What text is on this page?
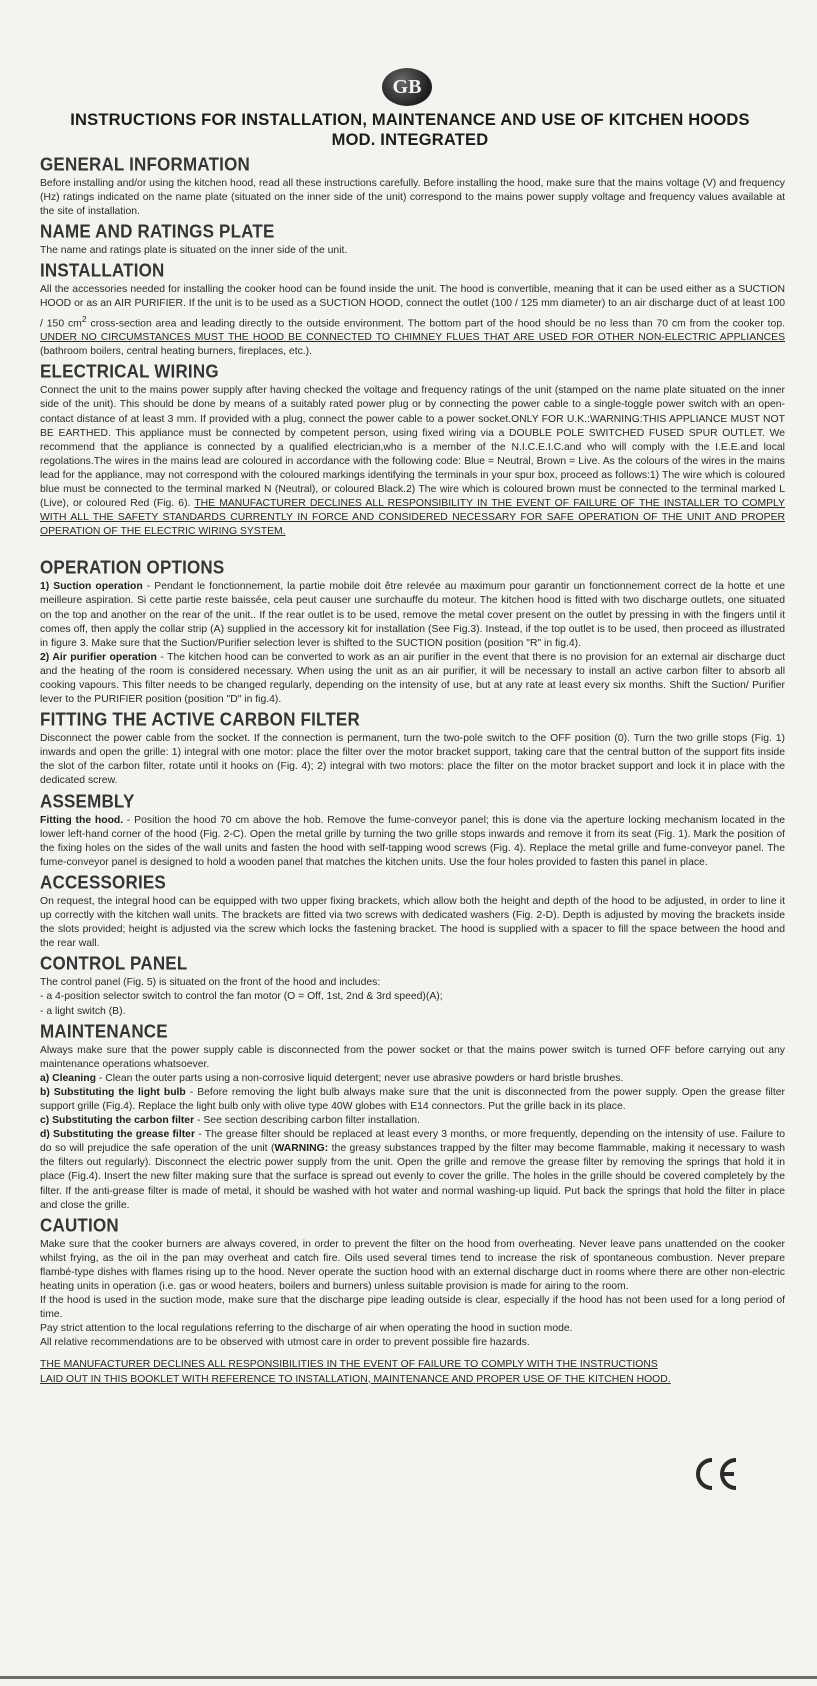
GB
INSTRUCTIONS FOR INSTALLATION, MAINTENANCE AND USE OF KITCHEN HOODS
MOD. INTEGRATED
GENERAL INFORMATION

Before installing and/or using the kitchen hood, read all these instructions carefully. Before installing the hood, make sure that the mains voltage (V) and frequency (Hz) ratings indicated on the name plate (situated on the inner side of the unit) correspond to the mains power supply voltage and frequency values available at the site of installation.

NAME AND RATINGS PLATE

The name and ratings plate is situated on the inner side of the unit.

INSTALLATION

All the accessories needed for installing the cooker hood can be found inside the unit. The hood is convertible, meaning that it can be used either as a SUCTION HOOD or as an AIR PURIFIER. If the unit is to be used as a SUCTION HOOD, connect the outlet (100 / 125 mm diameter) to an air discharge duct of at least 100 / 150 $cm^2$ cross-section area and leading directly to the outside environment. The bottom part of the hood should be no less than 70 cm from the cooker top. UNDER NO CIRCUMSTANCES MUST THE HOOD BE CONNECTED TO CHIMNEY FLUES THAT ARE USED FOR OTHER NON-ELECTRIC APPLIANCES (bathroom boilers, central heating burners, fireplaces, etc.).

ELECTRICAL WIRING

Connect the unit to the mains power supply after having checked the voltage and frequency ratings of the unit (stamped on the name plate situated on the inner side of the unit). This should be done by means of a suitably rated power plug or by connecting the power cable to a single-toggle power switch with an open-contact distance of at least 3 mm. If provided with a plug, connect the power cable to a power socket.ONLY FOR U.K.:WARNING:THIS APPLIANCE MUST NOT BE EARTHED. This appliance must be connected by competent person, using fixed wiring via a DOUBLE POLE SWITCHED FUSED SPUR OUTLET. We recommend that the appliance is connected by a qualified electrician,who is a member of the N.I.C.E.I.C.and who will comply with the I.E.E.and local regolations.The wires in the mains lead are coloured in accordance with the following code: Blue = Neutral, Brown = Live. As the colours of the wires in the mains lead for the appliance, may not correspond with the coloured markings identifying the terminals in your spur box, proceed as follows:1) The wire which is coloured blue must be connected to the terminal marked N (Neutral), or coloured Black.2) The wire which is coloured brown must be connected to the terminal marked L (Live), or coloured Red (Fig. 6). THE MANUFACTURER DECLINES ALL RESPONSIBILITY IN THE EVENT OF FAILURE OF THE INSTALLER TO COMPLY WITH ALL THE SAFETY STANDARDS CURRENTLY IN FORCE AND CONSIDERED NECESSARY FOR SAFE OPERATION OF THE UNIT AND PROPER OPERATION OF THE ELECTRIC WIRING SYSTEM.

OPERATION OPTIONS

1) Suction operation - Pendant le fonctionnement, la partie mobile doit être relevée au maximum pour garantir un fonctionnement correct de la hotte et une meilleure aspiration. Si cette partie reste baissée, cela peut causer une surchauffe du moteur. The kitchen hood is fitted with two discharge outlets, one situated on the top and another on the rear of the unit.. If the rear outlet is to be used, remove the metal cover present on the outlet by pressing in with the fingers until it comes off, then apply the collar strip (A) supplied in the accessory kit for installation (See Fig.3). Instead, if the top outlet is to be used, then proceed as illustrated in figure 3. Make sure that the Suction/Purifier selection lever is shifted to the SUCTION position (position "R" in fig.4).

2) Air purifier operation - The kitchen hood can be converted to work as an air purifier in the event that there is no provision for an external air discharge duct and the heating of the room is considered necessary. When using the unit as an air purifier, it will be necessary to install an active carbon filter to absorb all cooking vapours. This filter needs to be changed regularly, depending on the intensity of use, but at any rate at least every six months. Shift the Suction/ Purifier lever to the PURIFIER position (position "D" in fig.4).

FITTING THE ACTIVE CARBON FILTER

Disconnect the power cable from the socket. If the connection is permanent, turn the two-pole switch to the OFF position (0). Turn the two grille stops (Fig. 1) inwards and open the grille: 1) integral with one motor: place the filter over the motor bracket support, taking care that the central button of the support fits inside the slot of the carbon filter, rotate until it hooks on (Fig. 4); 2) integral with two motors: place the filter on the motor bracket support and lock it in place with the dedicated screw.

ASSEMBLY

Fitting the hood. - Position the hood 70 cm above the hob. Remove the fume-conveyor panel; this is done via the aperture locking mechanism located in the lower left-hand corner of the hood (Fig. 2-C). Open the metal grille by turning the two grille stops inwards and remove it from its seat (Fig. 1). Mark the position of the fixing holes on the sides of the wall units and fasten the hood with self-tapping wood screws (Fig. 4). Replace the metal grille and fume-conveyor panel. The fume-conveyor panel is designed to hold a wooden panel that matches the kitchen units. Use the four holes provided to fasten this panel in place.

ACCESSORIES

On request, the integral hood can be equipped with two upper fixing brackets, which allow both the height and depth of the hood to be adjusted, in order to line it up correctly with the kitchen wall units. The brackets are fitted via two screws with dedicated washers (Fig. 2-D). Depth is adjusted by moving the brackets inside the slots provided; height is adjusted via the screw which locks the fastening bracket. The hood is supplied with a spacer to fill the space between the hood and the rear wall.

CONTROL PANEL

The control panel (Fig. 5) is situated on the front of the hood and includes:

- a 4-position selector switch to control the fan motor (O = Off, 1st, 2nd & 3rd speed)(A);

- a light switch (B).

MAINTENANCE

Always make sure that the power supply cable is disconnected from the power socket or that the mains power switch is turned OFF before carrying out any maintenance operations whatsoever.

a) Cleaning - Clean the outer parts using a non-corrosive liquid detergent; never use abrasive powders or hard bristle brushes.

b) Substituting the light bulb - Before removing the light bulb always make sure that the unit is disconnected from the power supply. Open the grease filter support grille (Fig.4). Replace the light bulb only with olive type 40W globes with E14 connectors. Put the grille back in its place.

c) Substituting the carbon filter - See section describing carbon filter installation.

d) Substituting the grease filter - The grease filter should be replaced at least every 3 months, or more frequently, depending on the intensity of use. Failure to do so will prejudice the safe operation of the unit (WARNING: the greasy substances trapped by the filter may become flammable, making it necessary to wash the filters out regularly). Disconnect the electric power supply from the unit. Open the grille and remove the grease filter by removing the springs that hold it in place (Fig.4). Insert the new filter making sure that the surface is spread out evenly to cover the grille. The holes in the grille should be covered completely by the filter. If the anti-grease filter is made of metal, it should be washed with hot water and normal washing-up liquid. Put back the springs that hold the filter in place and close the grille.

CAUTION

Make sure that the cooker burners are always covered, in order to prevent the filter on the hood from overheating. Never leave pans unattended on the cooker whilst frying, as the oil in the pan may overheat and catch fire. Oils used several times tend to increase the risk of spontaneous combustion. Never prepare flambé-type dishes with flames rising up to the hood. Never operate the suction hood with an external discharge duct in rooms where there are other non-electric heating units in operation (i.e. gas or wood heaters, boilers and burners) unless suitable provision is made for airing to the room.

If the hood is used in the suction mode, make sure that the discharge pipe leading outside is clear, especially if the hood has not been used for a long period of time.

Pay strict attention to the local regulations referring to the discharge of air when operating the hood in suction mode.

All relative recommendations are to be observed with utmost care in order to prevent possible fire hazards.

THE MANUFACTURER DECLINES ALL RESPONSIBILITIES IN THE EVENT OF FAILURE TO COMPLY WITH THE INSTRUCTIONS LAID OUT IN THIS BOOKLET WITH REFERENCE TO INSTALLATION, MAINTENANCE AND PROPER USE OF THE KITCHEN HOOD.
